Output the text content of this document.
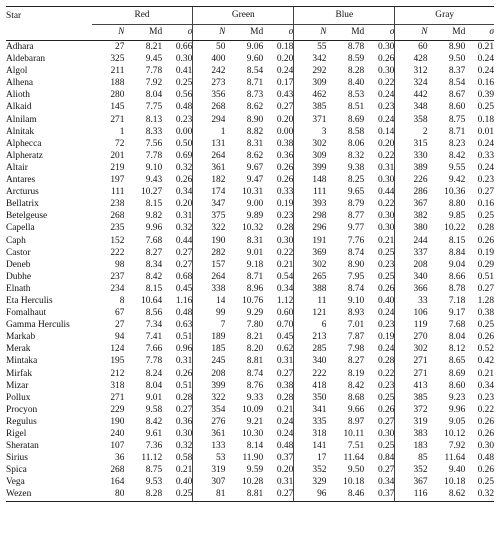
Star	Red			Green			Blue			Gray		
	N	Md	σ	N	Md	σ	N	Md	σ	N	Md	σ
Adhara	27	8.21	0.66	50	9.06	0.18	55	8.78	0.30	60	8.90	0.21
Aldebaran	325	9.45	0.30	400	9.60	0.20	342	8.59	0.26	428	9.50	0.24
Algol	211	7.78	0.41	242	8.54	0.24	292	8.28	0.30	312	8.37	0.24
Alhena	188	7.92	0.25	273	8.71	0.17	309	8.40	0.22	324	8.54	0.16
Alioth	280	8.04	0.56	356	8.73	0.43	462	8.53	0.24	442	8.67	0.39
Alkaid	145	7.75	0.48	268	8.62	0.27	385	8.51	0.23	348	8.60	0.25
Alnilam	271	8.13	0.23	294	8.90	0.20	371	8.69	0.24	358	8.75	0.18
Alnitak	1	8.33	0.00	1	8.82	0.00	3	8.58	0.14	2	8.71	0.01
Alphecca	72	7.56	0.50	131	8.31	0.38	302	8.06	0.20	315	8.23	0.24
Alpheratz	201	7.78	0.69	264	8.62	0.36	309	8.32	0.22	330	8.42	0.33
Altair	219	9.10	0.32	361	9.67	0.26	399	9.38	0.31	389	9.55	0.24
Antares	197	9.43	0.26	182	9.47	0.26	148	8.25	0.30	226	9.42	0.23
Arcturus	111	10.27	0.34	174	10.31	0.33	111	9.65	0.44	286	10.36	0.27
Bellatrix	238	8.15	0.20	347	9.00	0.19	393	8.79	0.22	367	8.80	0.16
Betelgeuse	268	9.82	0.31	375	9.89	0.23	298	8.77	0.30	382	9.85	0.25
Capella	235	9.96	0.32	322	10.32	0.28	296	9.77	0.30	380	10.22	0.28
Caph	152	7.68	0.44	190	8.31	0.30	191	7.76	0.21	244	8.15	0.26
Castor	222	8.27	0.27	282	9.01	0.22	369	8.74	0.25	337	8.84	0.19
Deneb	98	8.34	0.27	157	9.18	0.21	302	8.90	0.23	208	9.04	0.29
Dubhe	237	8.42	0.68	264	8.71	0.54	265	7.95	0.25	340	8.66	0.51
Elnath	234	8.15	0.45	338	8.96	0.34	388	8.74	0.26	366	8.78	0.27
Eta Herculis	8	10.64	1.16	14	10.76	1.12	11	9.10	0.40	33	7.18	1.28
Fomalhaut	67	8.56	0.48	99	9.29	0.60	121	8.93	0.24	106	9.17	0.38
Gamma Herculis	27	7.34	0.63	7	7.80	0.70	6	7.01	0.23	119	7.68	0.25
Markab	94	7.41	0.51	189	8.21	0.45	213	7.87	0.19	270	8.04	0.26
Merak	124	7.66	0.96	185	8.20	0.62	285	7.98	0.24	302	8.12	0.52
Mintaka	195	7.78	0.31	245	8.81	0.31	340	8.27	0.28	271	8.65	0.42
Mirfak	212	8.24	0.26	208	8.74	0.27	222	8.19	0.22	271	8.69	0.21
Mizar	318	8.04	0.51	399	8.76	0.38	418	8.42	0.23	413	8.60	0.34
Pollux	271	9.01	0.28	322	9.33	0.28	350	8.68	0.25	385	9.23	0.23
Procyon	229	9.58	0.27	354	10.09	0.21	341	9.66	0.26	372	9.96	0.22
Regulus	190	8.42	0.36	276	9.21	0.24	335	8.97	0.27	319	9.05	0.26
Rigel	240	9.61	0.30	361	10.30	0.24	318	10.11	0.30	383	10.12	0.26
Sheratan	107	7.36	0.32	133	8.14	0.48	141	7.51	0.25	183	7.92	0.30
Sirius	36	11.12	0.58	53	11.90	0.37	17	11.64	0.84	85	11.64	0.48
Spica	268	8.75	0.21	319	9.59	0.20	352	9.50	0.27	352	9.40	0.26
Vega	164	9.53	0.40	307	10.28	0.31	329	10.18	0.34	367	10.18	0.25
Wezen	80	8.28	0.25	81	8.81	0.27	96	8.46	0.37	116	8.62	0.32
